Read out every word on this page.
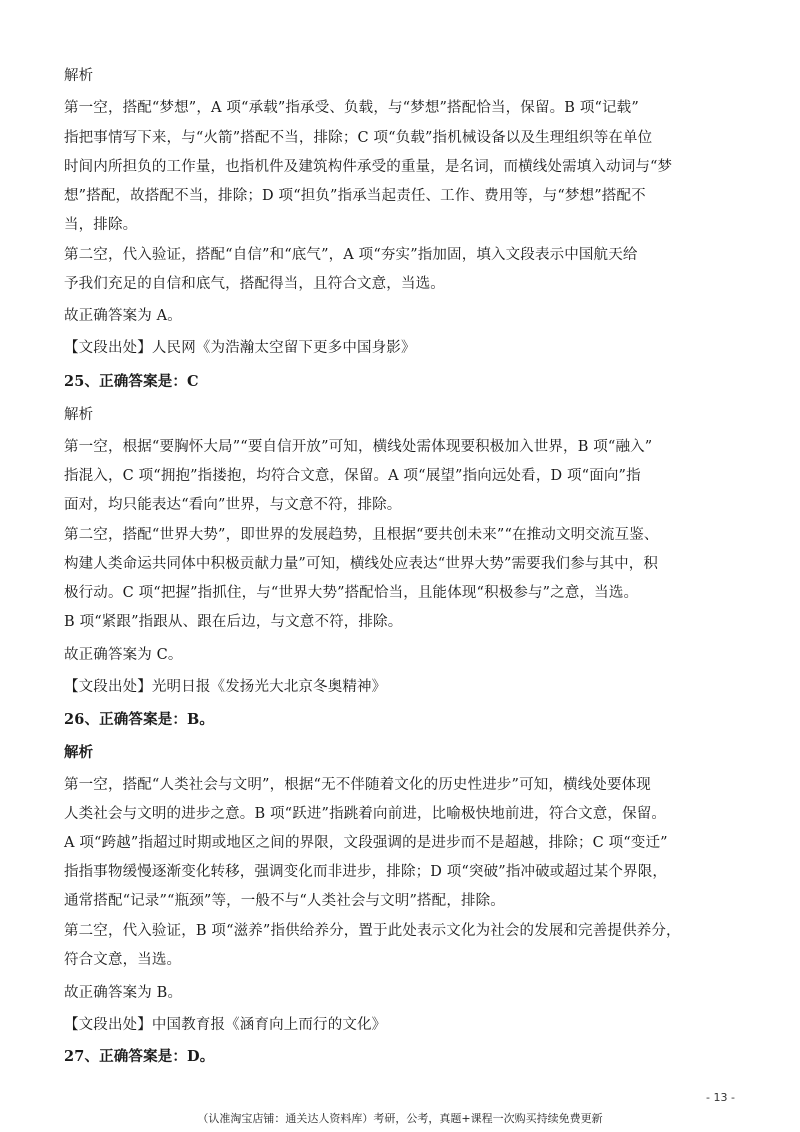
解析
第一空，搭配“梦想”，A 项“承载”指承受、负载，与“梦想”搭配恰当，保留。B 项“记载”
指把事情写下来，与“火箭”搭配不当，排除；C 项“负载”指机械设备以及生理组织等在单位
时间内所担负的工作量，也指机件及建筑构件承受的重量，是名词，而横线处需填入动词与“梦
想”搭配，故搭配不当，排除；D 项“担负”指承当起责任、工作、费用等，与“梦想”搭配不
当，排除。
第二空，代入验证，搭配“自信”和“底气”，A 项“夯实”指加固，填入文段表示中国航天给
予我们充足的自信和底气，搭配得当，且符合文意，当选。
故正确答案为 A。
【文段出处】人民网《为浩瀚太空留下更多中国身影》
25、正确答案是：C
解析
第一空，根据“要胸怀大局”“要自信开放”可知，横线处需体现要积极加入世界，B 项“融入”
指混入，C 项“拥抱”指搂抱，均符合文意，保留。A 项“展望”指向远处看，D 项“面向”指
面对，均只能表达“看向”世界，与文意不符，排除。
第二空，搭配“世界大势”，即世界的发展趋势，且根据“要共创未来”“在推动文明交流互鉴、
构建人类命运共同体中积极贡献力量”可知，横线处应表达“世界大势”需要我们参与其中，积
极行动。C 项“把握”指抓住，与“世界大势”搭配恰当，且能体现“积极参与”之意，当选。
B 项“紧跟”指跟从、跟在后边，与文意不符，排除。
故正确答案为 C。
【文段出处】光明日报《发扬光大北京冬奥精神》
26、正确答案是：B。
解析
第一空，搭配“人类社会与文明”，根据“无不伴随着文化的历史性进步”可知，横线处要体现
人类社会与文明的进步之意。B 项“跃进”指跳着向前进，比喻极快地前进，符合文意，保留。
A 项“跨越”指超过时期或地区之间的界限，文段强调的是进步而不是超越，排除；C 项“变迁”
指指事物缓慢逐渐变化转移，强调变化而非进步，排除；D 项“突破”指冲破或超过某个界限，
通常搭配“记录”“瓶颈”等，一般不与“人类社会与文明”搭配，排除。
第二空，代入验证，B 项“滋养”指供给养分，置于此处表示文化为社会的发展和完善提供养分，
符合文意，当选。
故正确答案为 B。
【文段出处】中国教育报《涵育向上而行的文化》
27、正确答案是：D。
- 13 -
（认准淘宝店铺：通关达人资料库）考研，公考，真题+课程一次购买持续免费更新
